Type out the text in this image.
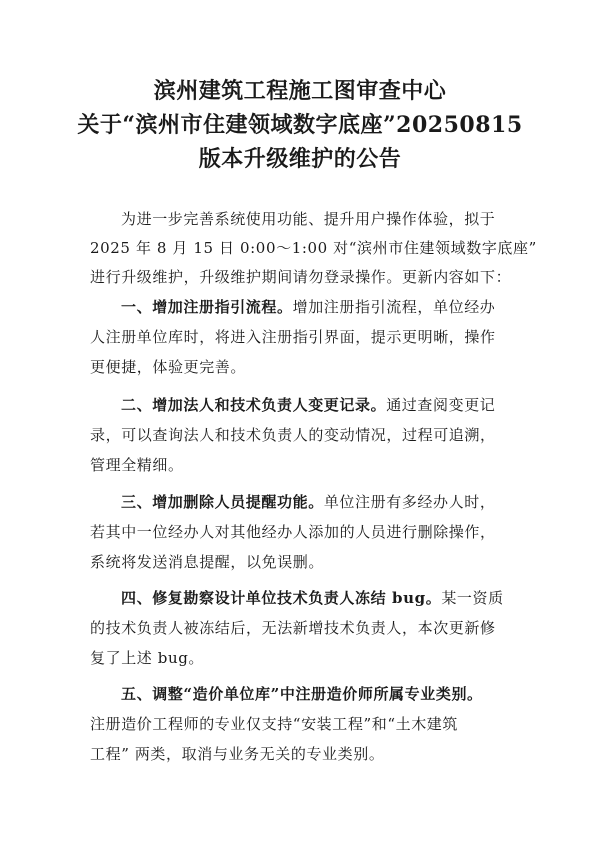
滨州建筑工程施工图审查中心
关于“滨州市住建领域数字底座”20250815
版本升级维护的公告
为进一步完善系统使用功能、提升用户操作体验，拟于
2025 年 8 月 15 日 0:00～1:00 对“滨州市住建领域数字底座”
进行升级维护，升级维护期间请勿登录操作。更新内容如下：
一、增加注册指引流程。增加注册指引流程，单位经办
人注册单位库时，将进入注册指引界面，提示更明晰，操作
更便捷，体验更完善。
二、增加法人和技术负责人变更记录。通过查阅变更记
录，可以查询法人和技术负责人的变动情况，过程可追溯，
管理全精细。
三、增加删除人员提醒功能。单位注册有多经办人时，
若其中一位经办人对其他经办人添加的人员进行删除操作，
系统将发送消息提醒，以免误删。
四、修复勘察设计单位技术负责人冻结 bug。某一资质
的技术负责人被冻结后，无法新增技术负责人，本次更新修
复了上述 bug。
五、调整“造价单位库”中注册造价师所属专业类别。
注册造价工程师的专业仅支持“安装工程”和“土木建筑
工程” 两类，取消与业务无关的专业类别。
